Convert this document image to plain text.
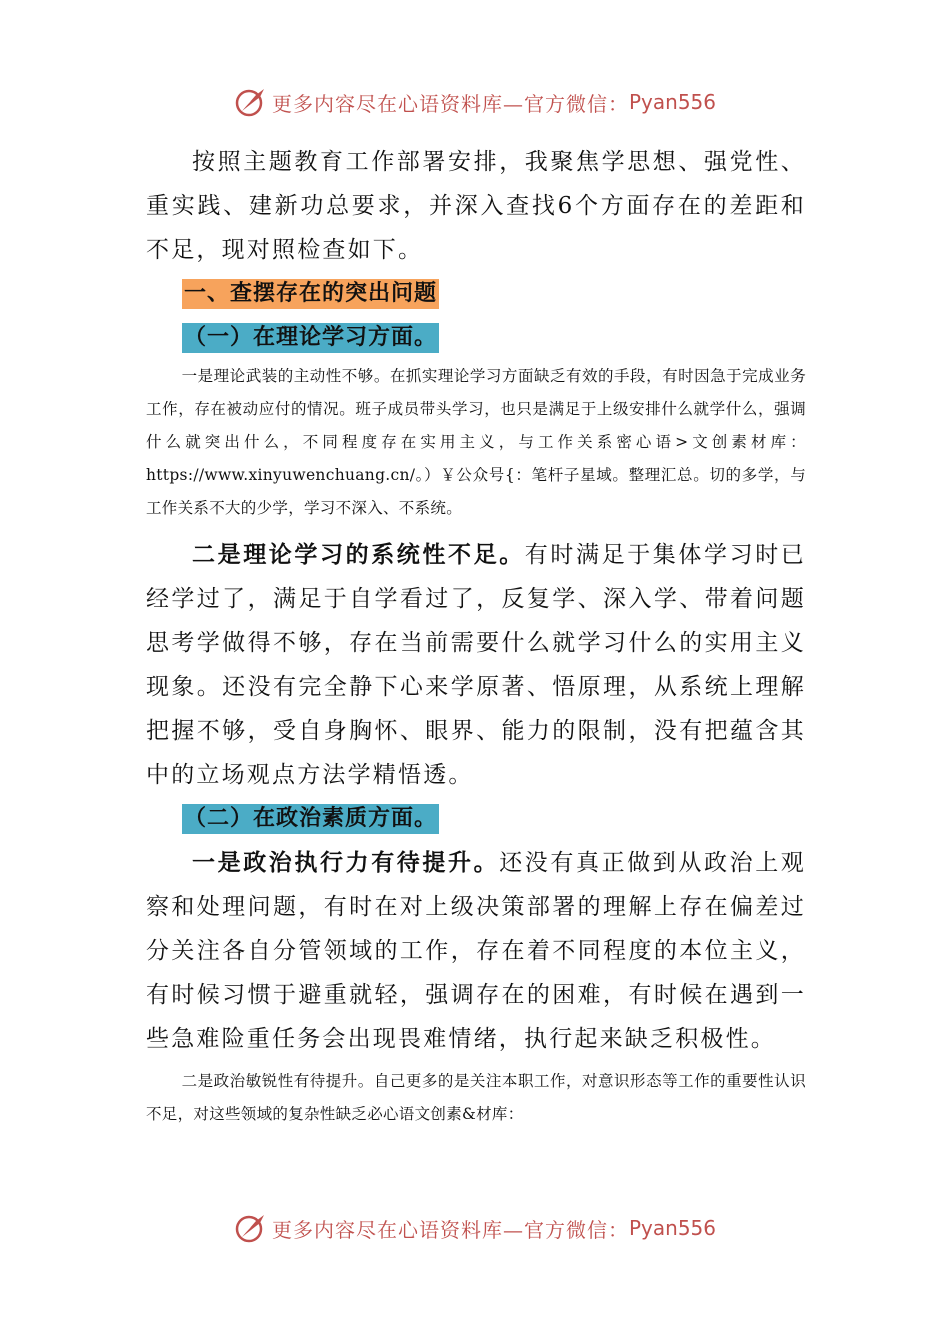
更多内容尽在心语资料库—官方微信： Pyan556

按照主题教育工作部署安排，我聚焦学思想、强党性、重实践、建新功总要求，并深入查找6个方面存在的差距和不足，现对照检查如下。

一、查摆存在的突出问题
（一）在理论学习方面。

一是理论武装的主动性不够。在抓实理论学习方面缺乏有效的手段，有时因急于完成业务工作，存在被动应付的情况。班子成员带头学习，也只是满足于上级安排什么就学什么，强调什么就突出什么，不同程度存在实用主义，与工作关系密心语>文创素材库：https://www.xinyuwenchuang.cn/。）￥公众号{：笔杆子星域。整理汇总。切的多学，与工作关系不大的少学，学习不深入、不系统。

二是理论学习的系统性不足。有时满足于集体学习时已经学过了，满足于自学看过了，反复学、深入学、带着问题思考学做得不够，存在当前需要什么就学习什么的实用主义现象。还没有完全静下心来学原著、悟原理，从系统上理解把握不够，受自身胸怀、眼界、能力的限制，没有把蕴含其中的立场观点方法学精悟透。

（二）在政治素质方面。

一是政治执行力有待提升。还没有真正做到从政治上观察和处理问题，有时在对上级决策部署的理解上存在偏差过分关注各自分管领域的工作，存在着不同程度的本位主义，有时候习惯于避重就轻，强调存在的困难，有时候在遇到一些急难险重任务会出现畏难情绪，执行起来缺乏积极性。

二是政治敏锐性有待提升。自己更多的是关注本职工作，对意识形态等工作的重要性认识不足，对这些领域的复杂性缺乏必心语文创素&材库：

更多内容尽在心语资料库—官方微信： Pyan556
